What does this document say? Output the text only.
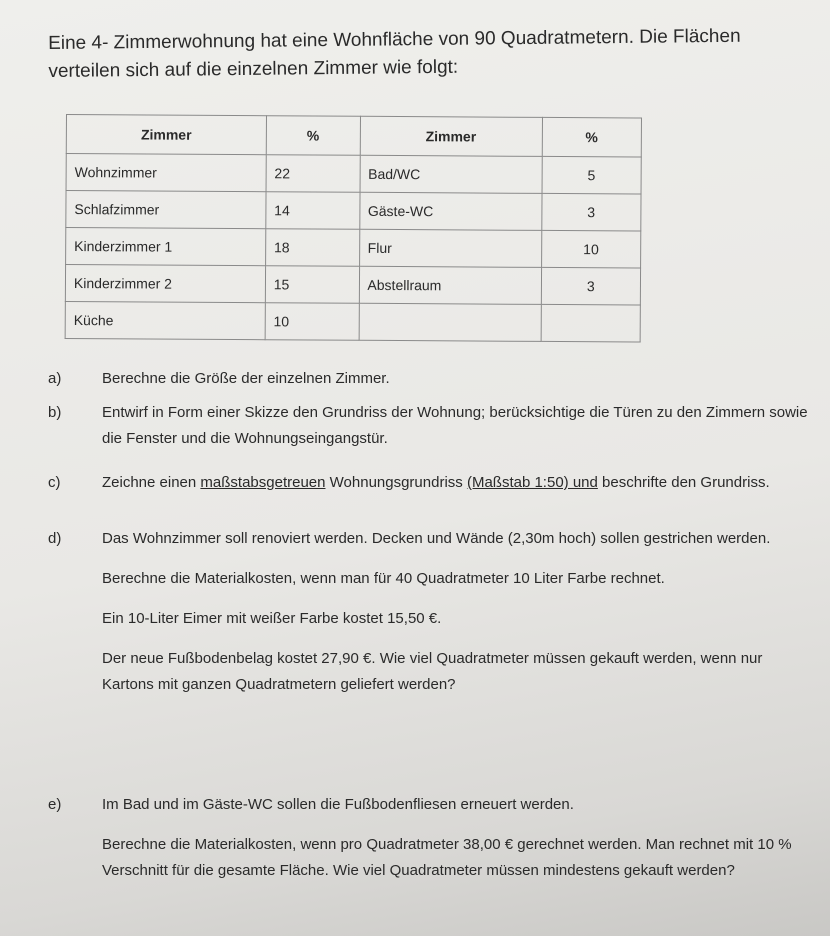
Eine 4- Zimmerwohnung hat eine Wohnfläche von 90 Quadratmetern. Die Flächen verteilen sich auf die einzelnen Zimmer wie folgt:

Zimmer	%	Zimmer	%
Wohnzimmer	22	Bad/WC	5
Schlafzimmer	14	Gäste-WC	3
Kinderzimmer 1	18	Flur	10
Kinderzimmer 2	15	Abstellraum	3
Küche	10		
a)	Berechne die Größe der einzelnen Zimmer.

b)	Entwirf in Form einer Skizze den Grundriss der Wohnung; berücksichtige die Türen zu den Zimmern sowie die Fenster und die Wohnungseingangstür.

c)	Zeichne einen maßstabsgetreuen Wohnungsgrundriss (Maßstab 1:50) und beschrifte den Grundriss.

d)	Das Wohnzimmer soll renoviert werden. Decken und Wände (2,30m hoch) sollen gestrichen werden.

Berechne die Materialkosten, wenn man für 40 Quadratmeter 10 Liter Farbe rechnet.

Ein 10-Liter Eimer mit weißer Farbe kostet 15,50 €.

Der neue Fußbodenbelag kostet 27,90 €. Wie viel Quadratmeter müssen gekauft werden, wenn nur Kartons mit ganzen Quadratmetern geliefert werden?

e)	Im Bad und im Gäste-WC sollen die Fußbodenfliesen erneuert werden.

Berechne die Materialkosten, wenn pro Quadratmeter 38,00 € gerechnet werden. Man rechnet mit 10 % Verschnitt für die gesamte Fläche. Wie viel Quadratmeter müssen mindestens gekauft werden?
